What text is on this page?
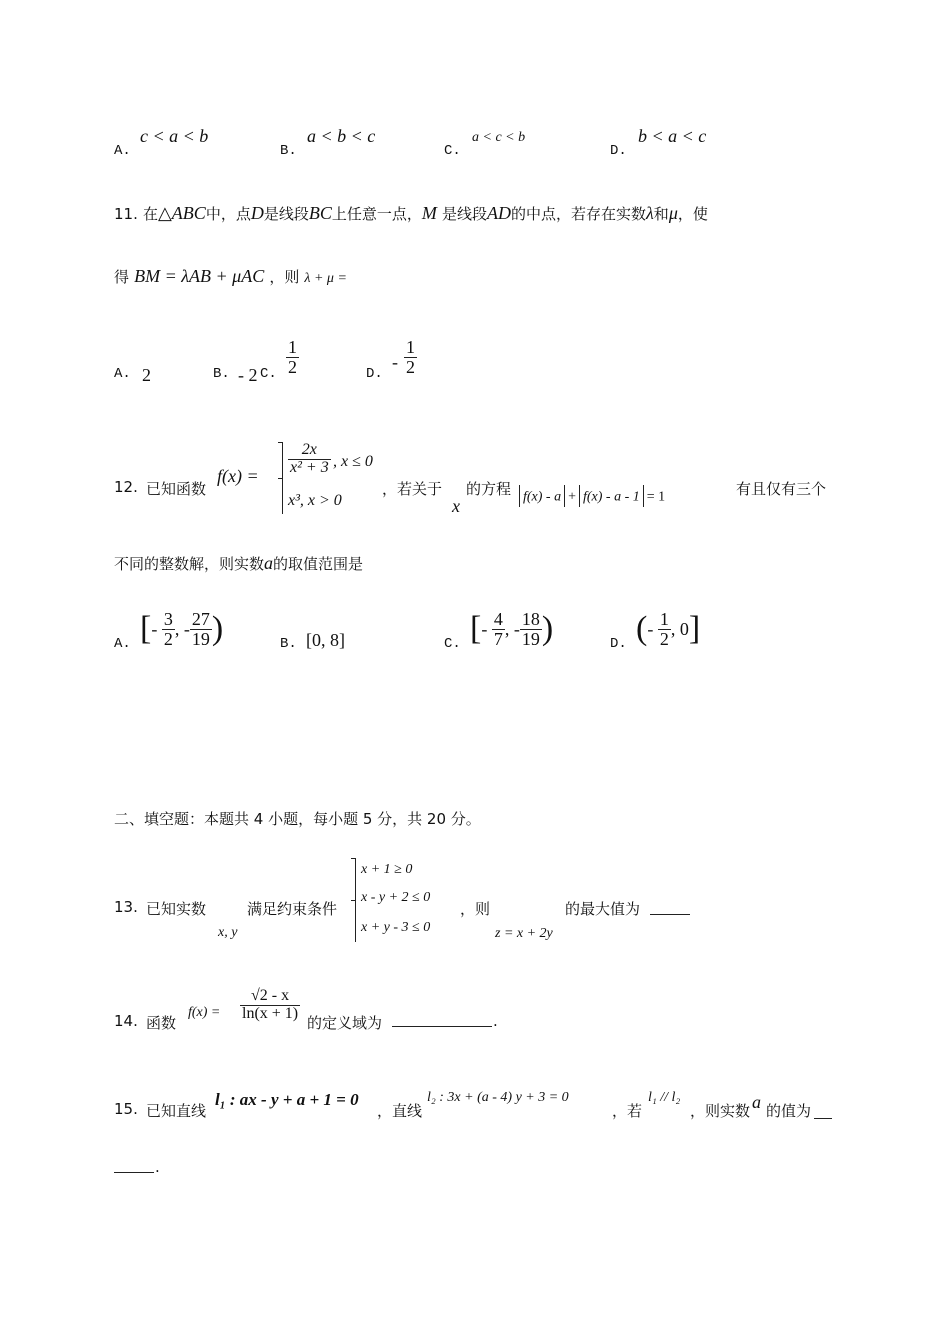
A.
c < a < b
B.
a < b < c
C.
a < c < b
D.
b < a < c
11. 在△ABC中，点D是线段BC上任意一点，M 是线段AD的中点，若存在实数λ和μ，使
得 BM = λAB + μAC ，则 λ + μ =
A. 2	B. - 2 C. $\frac{1}{2}$	D.
- $\frac{1}{2}$
12. 已知函数
$f(x) = \frac{2x}{\text{x² + 3}}$ , x ≤ 0
x³, x > 0
，若关于
x
的方程 f(x) - a + f(x) - a - 1 = 1	有且仅有三个
不同的整数解，则实数a的取值范围是
A. [ -
$\frac{3}{2}$ , - $\frac{27}{19}$ )	B. [0, 8]	C. [ -
$\frac{4}{7}$ , - $\frac{18}{19}$ )	D. ( -
$\frac{1}{2}$ , 0 ]
二、填空题：本题共 4 小题，每小题 5 分，共 20 分。
13. 已知实数
x, y
满足约束条件
x + 1 ≥ 0
x - y + 2 ≤ 0
x + y - 3 ≤ 0
，则
z = x + 2y
的最大值为
14. 函数
$f(x) = \frac{√2 - x}{\ln(x + 1)}$
的定义域为	.
15. 已知直线
l₁ : ax - y + a + 1 = 0
，直线
l₂ : 3x + (a - 4) y + 3 = 0
，若
l₁ // l₂
，则实数 a 的值为
.
